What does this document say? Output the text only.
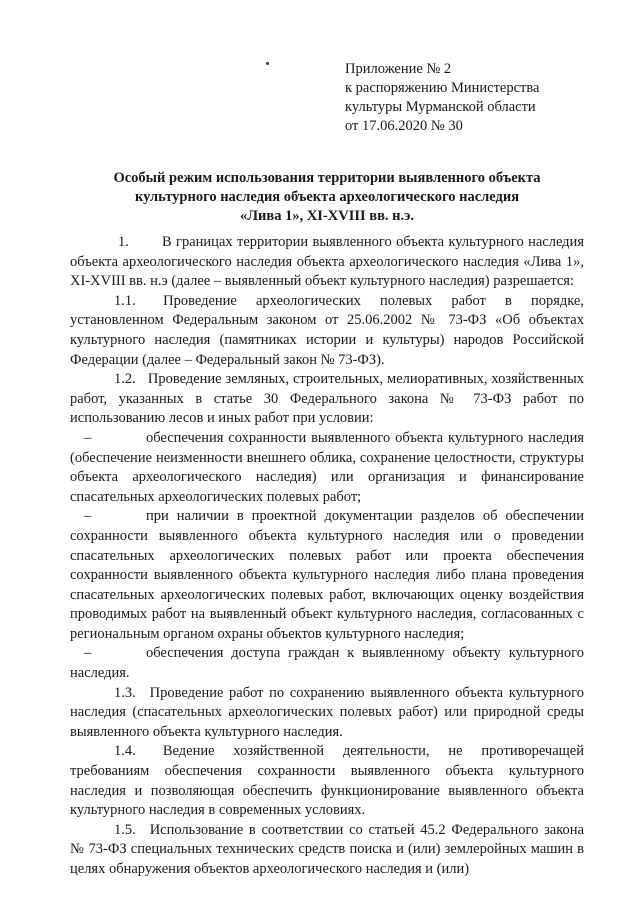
Приложение № 2
к распоряжению Министерства
культуры Мурманской области
от 17.06.2020 № 30
Особый режим использования территории выявленного объекта
культурного наследия объекта археологического наследия
«Лива 1», XI-XVIII вв. н.э.

1. В границах территории выявленного объекта культурного наследия объекта археологического наследия объекта археологического наследия «Лива 1», XI-XVIII вв. н.э (далее – выявленный объект культурного наследия) разрешается:

1.1. Проведение археологических полевых работ в порядке, установленном Федеральным законом от 25.06.2002 № 73-ФЗ «Об объектах культурного наследия (памятниках истории и культуры) народов Российской Федерации (далее – Федеральный закон № 73-ФЗ).

1.2. Проведение земляных, строительных, мелиоративных, хозяйственных работ, указанных в статье 30 Федерального закона № 73-ФЗ работ по использованию лесов и иных работ при условии:

–	обеспечения сохранности выявленного объекта культурного наследия (обеспечение неизменности внешнего облика, сохранение целостности, структуры объекта археологического наследия) или организация и финансирование спасательных археологических полевых работ;

–	при наличии в проектной документации разделов об обеспечении сохранности выявленного объекта культурного наследия или о проведении спасательных археологических полевых работ или проекта обеспечения сохранности выявленного объекта культурного наследия либо плана проведения спасательных археологических полевых работ, включающих оценку воздействия проводимых работ на выявленный объект культурного наследия, согласованных с региональным органом охраны объектов культурного наследия;

–	обеспечения доступа граждан к выявленному объекту культурного наследия.

1.3. Проведение работ по сохранению выявленного объекта культурного наследия (спасательных археологических полевых работ) или природной среды выявленного объекта культурного наследия.

1.4. Ведение хозяйственной деятельности, не противоречащей требованиям обеспечения сохранности выявленного объекта культурного наследия и позволяющая обеспечить функционирование выявленного объекта культурного наследия в современных условиях.

1.5. Использование в соответствии со статьей 45.2 Федерального закона № 73-ФЗ специальных технических средств поиска и (или) землеройных машин в целях обнаружения объектов археологического наследия и (или)
